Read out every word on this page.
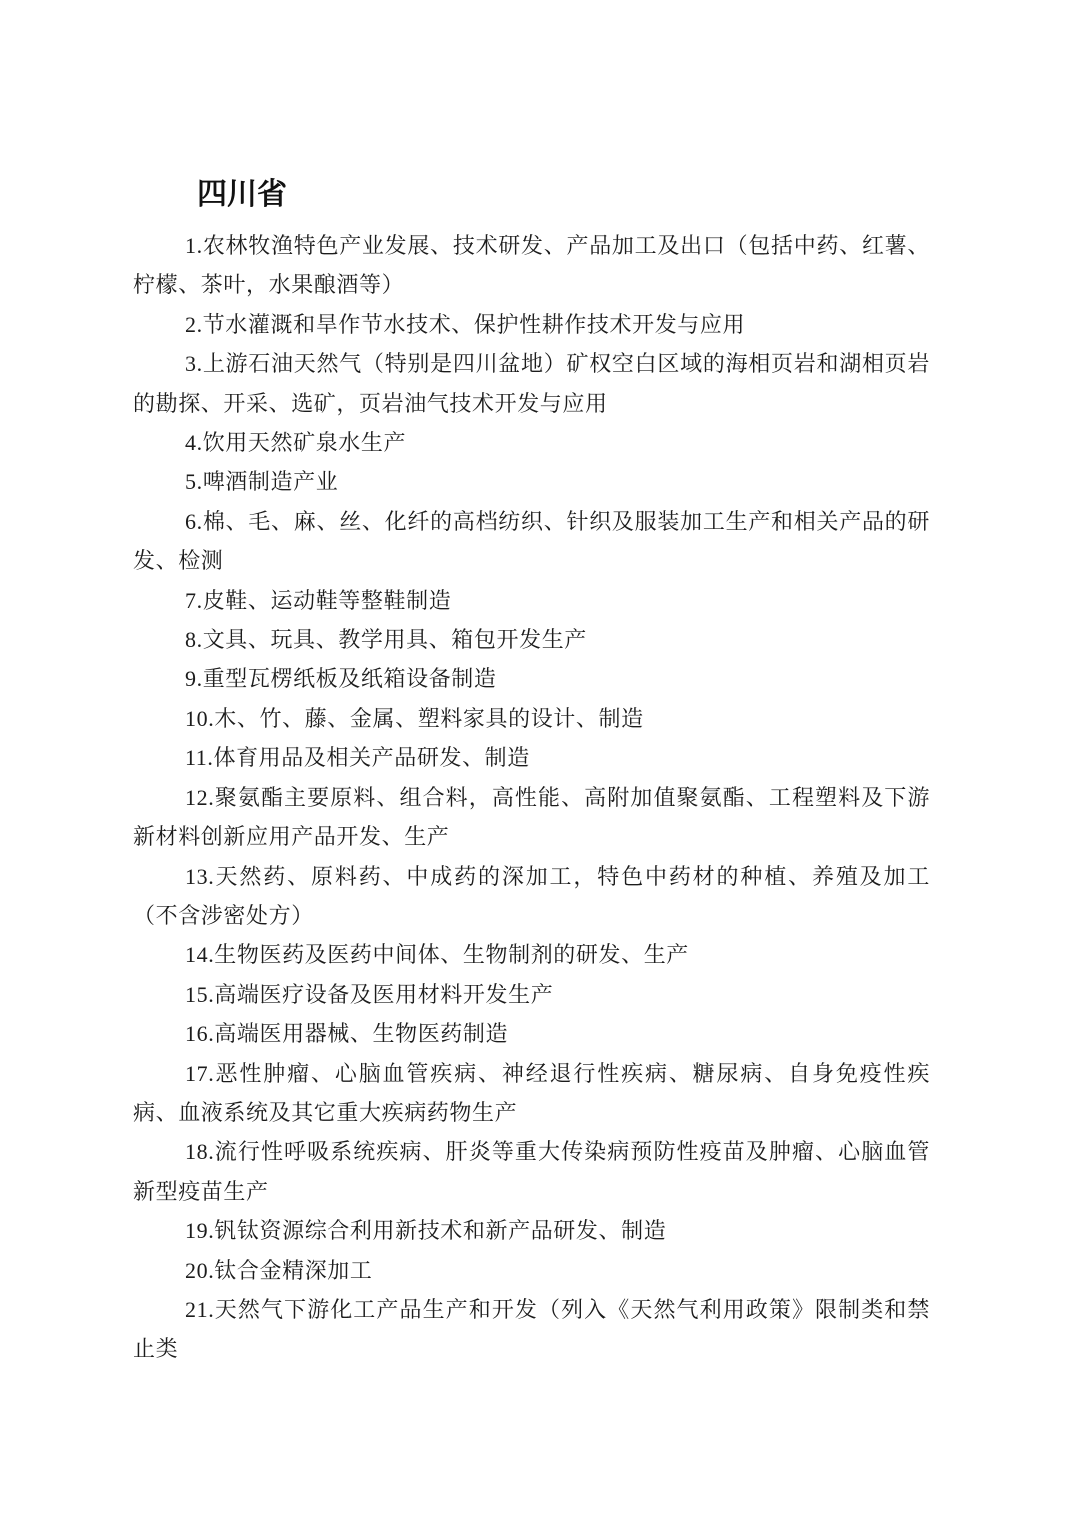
四川省

1.农林牧渔特色产业发展、技术研发、产品加工及出口（包括中药、红薯、柠檬、茶叶，水果酿酒等）

2.节水灌溉和旱作节水技术、保护性耕作技术开发与应用

3.上游石油天然气（特别是四川盆地）矿权空白区域的海相页岩和湖相页岩的勘探、开采、选矿，页岩油气技术开发与应用

4.饮用天然矿泉水生产

5.啤酒制造产业

6.棉、毛、麻、丝、化纤的高档纺织、针织及服装加工生产和相关产品的研发、检测

7.皮鞋、运动鞋等整鞋制造

8.文具、玩具、教学用具、箱包开发生产

9.重型瓦楞纸板及纸箱设备制造

10.木、竹、藤、金属、塑料家具的设计、制造

11.体育用品及相关产品研发、制造

12.聚氨酯主要原料、组合料，高性能、高附加值聚氨酯、工程塑料及下游新材料创新应用产品开发、生产

13.天然药、原料药、中成药的深加工，特色中药材的种植、养殖及加工（不含涉密处方）

14.生物医药及医药中间体、生物制剂的研发、生产

15.高端医疗设备及医用材料开发生产

16.高端医用器械、生物医药制造

17.恶性肿瘤、心脑血管疾病、神经退行性疾病、糖尿病、自身免疫性疾病、血液系统及其它重大疾病药物生产

18.流行性呼吸系统疾病、肝炎等重大传染病预防性疫苗及肿瘤、心脑血管新型疫苗生产

19.钒钛资源综合利用新技术和新产品研发、制造

20.钛合金精深加工

21.天然气下游化工产品生产和开发（列入《天然气利用政策》限制类和禁止类
